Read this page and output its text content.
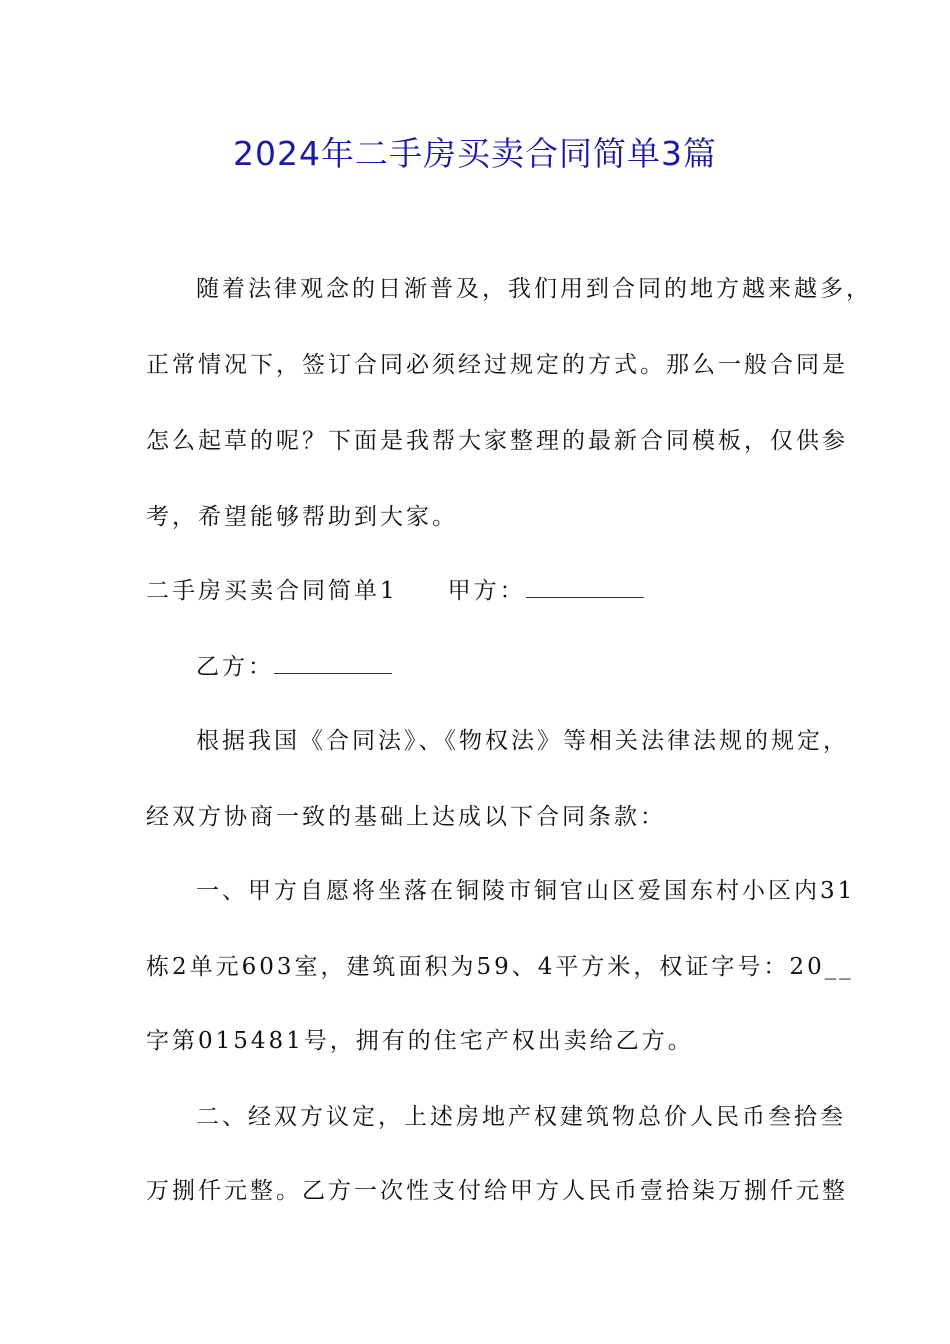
2024年二手房买卖合同简单3篇
随着法律观念的日渐普及，我们用到合同的地方越来越多，
正常情况下，签订合同必须经过规定的方式。那么一般合同是
怎么起草的呢？下面是我帮大家整理的最新合同模板，仅供参
考，希望能够帮助到大家。
二手房买卖合同简单1 甲方：
乙方：
根据我国《合同法》、《物权法》等相关法律法规的规定，
经双方协商一致的基础上达成以下合同条款：
一、甲方自愿将坐落在铜陵市铜官山区爱国东村小区内31
栋2单元603室，建筑面积为59、4平方米，权证字号：20__
字第015481号，拥有的住宅产权出卖给乙方。
二、经双方议定，上述房地产权建筑物总价人民币叁拾叁
万捌仟元整。乙方一次性支付给甲方人民币壹拾柒万捌仟元整
